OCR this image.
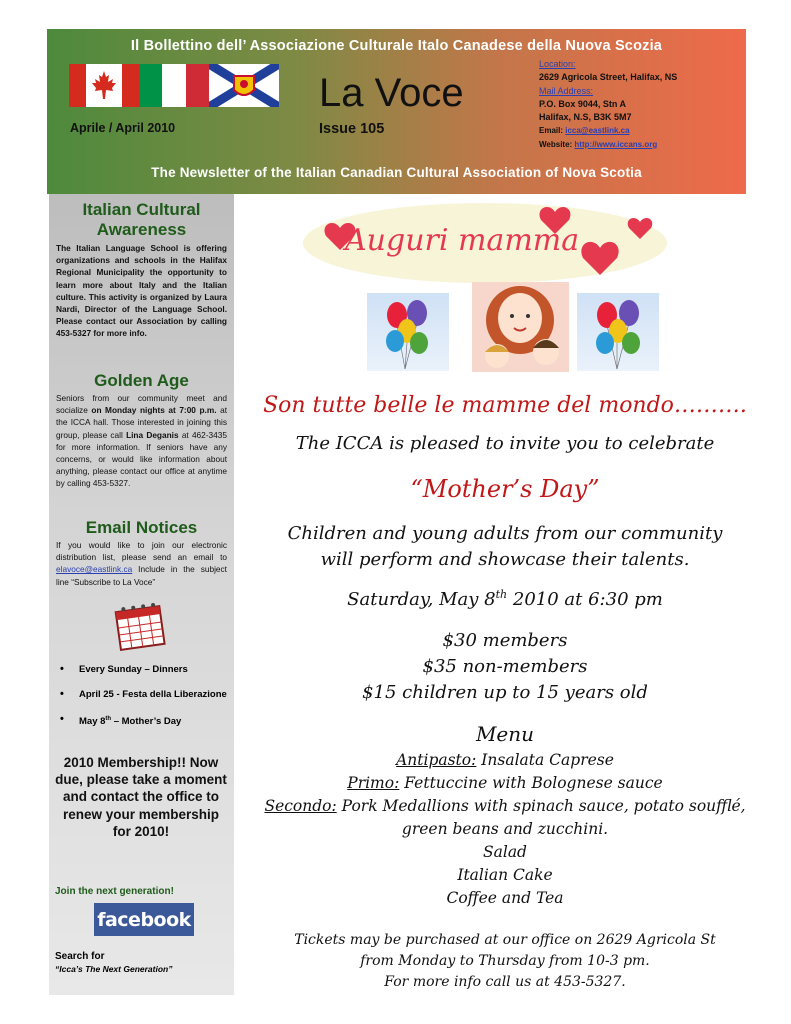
Il Bollettino dell’ Associazione Culturale Italo Canadese della Nuova Scozia
Aprile / April 2010
La Voce
Issue 105
Location:
2629 Agricola Street, Halifax, NS
Mail Address:
P.O. Box 9044, Stn A
Halifax, N.S, B3K 5M7
Email: icca@eastlink.ca
Website: http://www.iccans.org
The Newsletter of the Italian Canadian Cultural Association of Nova Scotia
Italian Cultural Awareness
The Italian Language School is offering organizations and schools in the Halifax Regional Municipality the opportunity to learn more about Italy and the Italian culture. This activity is organized by Laura Nardi, Director of the Language School. Please contact our Association by calling 453-5327 for more info.
Golden Age
Seniors from our community meet and socialize on Monday nights at 7:00 p.m. at the ICCA hall. Those interested in joining this group, please call Lina Deganis at 462-3435 for more information. If seniors have any concerns, or would like information about anything, please contact our office at anytime by calling 453-5327.
Email Notices
If you would like to join our electronic distribution list, please send an email to elavoce@eastlink.ca Include in the subject line “Subscribe to La Voce”
• Every Sunday – Dinners
• April 25 - Festa della Liberazione
• May 8th – Mother’s Day
2010 Membership!! Now due, please take a moment and contact the office to renew your membership for 2010!
Join the next generation!
facebook
Search for
“Icca’s The Next Generation”
Auguri mamma
Son tutte belle le mamme del mondo……….
The ICCA is pleased to invite you to celebrate
“Mother’s Day”
Children and young adults from our community
will perform and showcase their talents.
Saturday, May 8th 2010 at 6:30 pm
$30 members
$35 non-members
$15 children up to 15 years old
Menu
Antipasto: Insalata Caprese
Primo: Fettuccine with Bolognese sauce
Secondo: Pork Medallions with spinach sauce, potato soufflé,
green beans and zucchini.
Salad
Italian Cake
Coffee and Tea
Tickets may be purchased at our office on 2629 Agricola St
from Monday to Thursday from 10-3 pm.
For more info call us at 453-5327.
